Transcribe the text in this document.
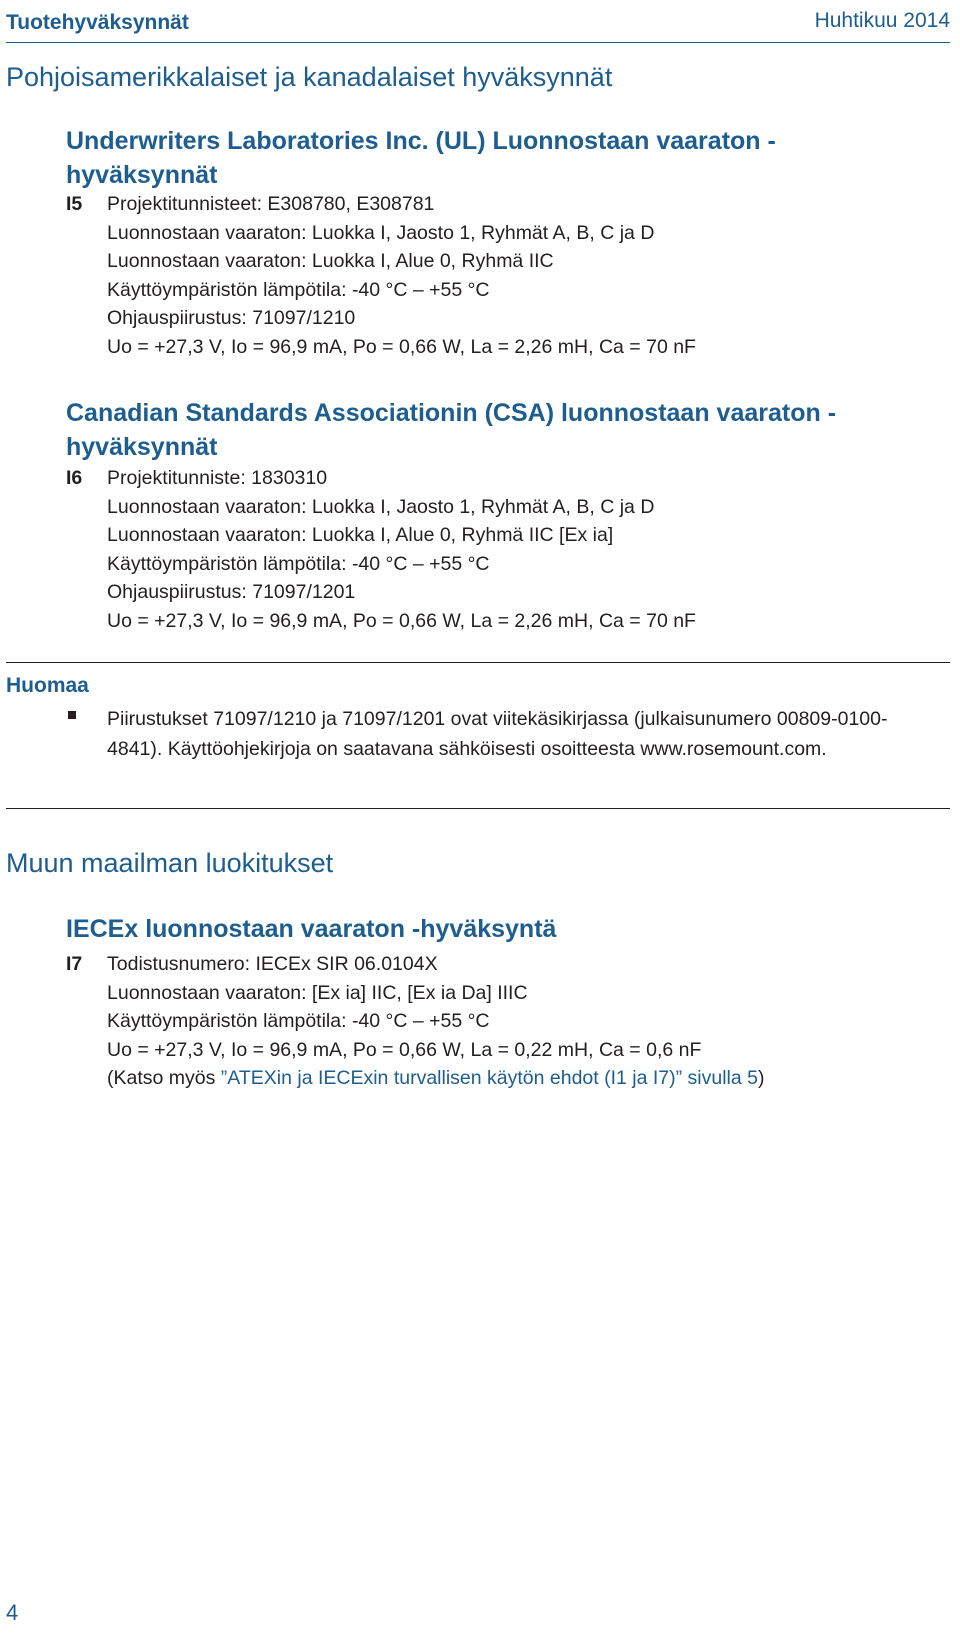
Tuotehyväksynnät	Huhtikuu 2014
Pohjoisamerikkalaiset ja kanadalaiset hyväksynnät
Underwriters Laboratories Inc. (UL) Luonnostaan vaaraton -hyväksynnät
I5 Projektitunnisteet: E308780, E308781
Luonnostaan vaaraton: Luokka I, Jaosto 1, Ryhmät A, B, C ja D
Luonnostaan vaaraton: Luokka I, Alue 0, Ryhmä IIC
Käyttöympäristön lämpötila: -40 °C – +55 °C
Ohjauspiirustus: 71097/1210
Uo = +27,3 V, Io = 96,9 mA, Po = 0,66 W, La = 2,26 mH, Ca = 70 nF
Canadian Standards Associationin (CSA) luonnostaan vaaraton -hyväksynnät
I6 Projektitunniste: 1830310
Luonnostaan vaaraton: Luokka I, Jaosto 1, Ryhmät A, B, C ja D
Luonnostaan vaaraton: Luokka I, Alue 0, Ryhmä IIC [Ex ia]
Käyttöympäristön lämpötila: -40 °C – +55 °C
Ohjauspiirustus: 71097/1201
Uo = +27,3 V, Io = 96,9 mA, Po = 0,66 W, La = 2,26 mH, Ca = 70 nF
Huomaa
Piirustukset 71097/1210 ja 71097/1201 ovat viitekäsikirjassa (julkaisunumero 00809-0100-4841). Käyttöohjekirjoja on saatavana sähköisesti osoitteesta www.rosemount.com.
Muun maailman luokitukset
IECEx luonnostaan vaaraton -hyväksyntä
I7 Todistusnumero: IECEx SIR 06.0104X
Luonnostaan vaaraton: [Ex ia] IIC, [Ex ia Da] IIIC
Käyttöympäristön lämpötila: -40 °C – +55 °C
Uo = +27,3 V, Io = 96,9 mA, Po = 0,66 W, La = 0,22 mH, Ca = 0,6 nF
(Katso myös ”ATEXin ja IECExin turvallisen käytön ehdot (I1 ja I7)” sivulla 5)
4
